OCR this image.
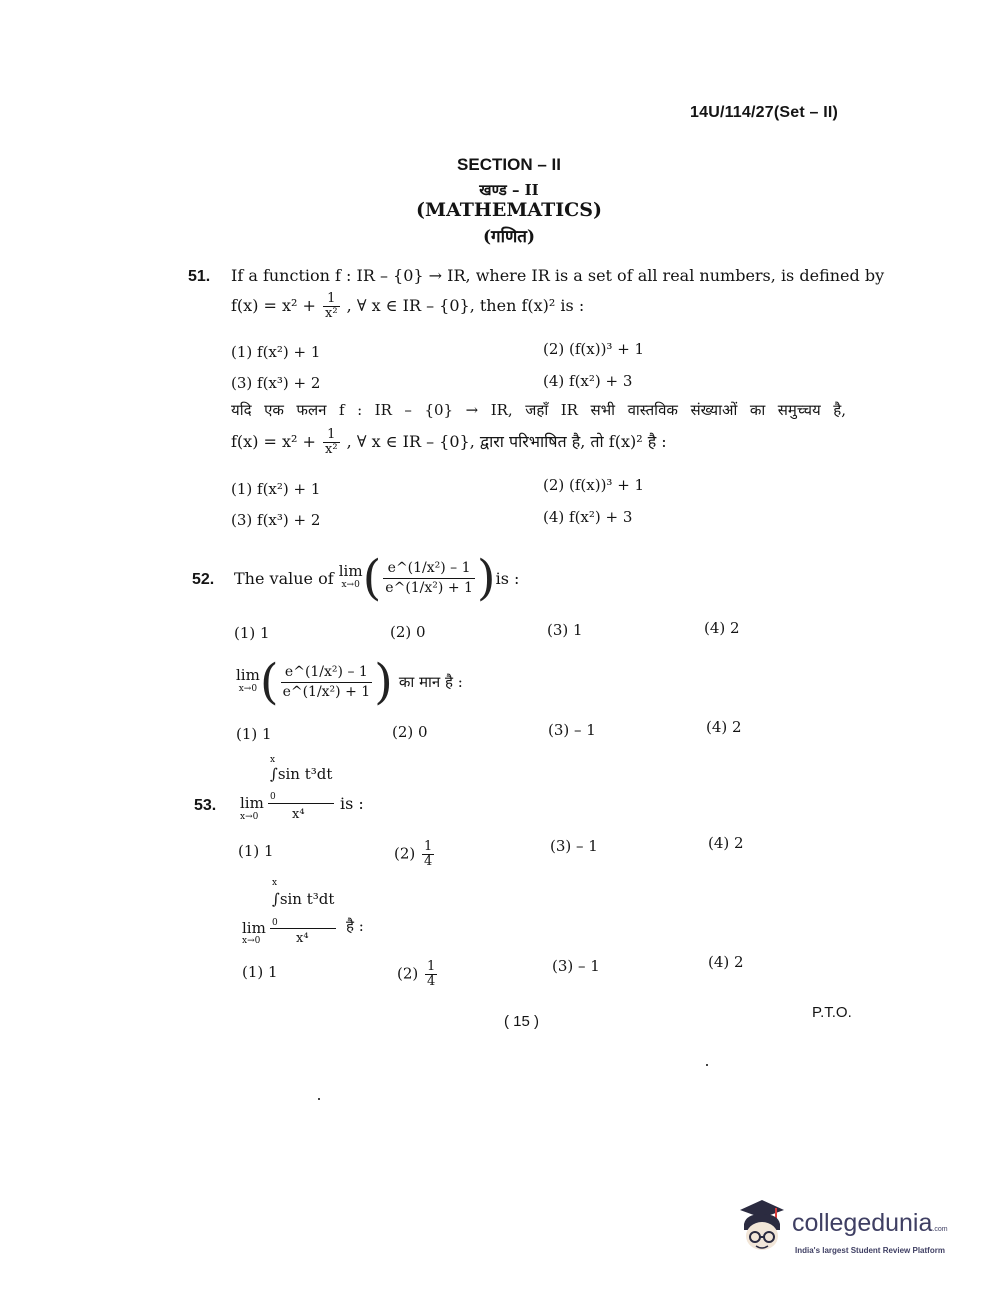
14U/114/27(Set – II)
SECTION – II
खण्ड – II
(MATHEMATICS)
(गणित)
51. If a function f : IR – {0} → IR, where IR is a set of all real numbers, is defined by
$f(x) = x^2 + \frac{1}{\text{x²}}$ , ∀ x ∈ IR – {0}, then f(x)² is :
(1) f(x²) + 1	(2) (f(x))³ + 1
(3) f(x³) + 2	(4) f(x²) + 3
यदि एक फलन f : IR – {0} → IR, जहाँ IR सभी वास्तविक संख्याओं का समुच्चय है,
$f(x) = x^2 + \frac{1}{\text{x²}}$ , ∀ x ∈ IR – {0}, द्वारा परिभाषित है, तो f(x)² है :
(1) f(x²) + 1	(2) (f(x))³ + 1
(3) f(x³) + 2	(4) f(x²) + 3
52. The value of
lim
x→0 ( $\frac{\text{e\textasciicircum{}(1/x²) – 1}}{\text{e\textasciicircum{}(1/x²) + 1}}$ ) is :
(1) 1	(2) 0	(3) 1	(4) 2
lim
x→0 ( $\frac{\text{e\textasciicircum{}(1/x²) – 1}}{\text{e\textasciicircum{}(1/x²) + 1}}$ ) का मान है :
(1) 1	(2) 0	(3) – 1	(4) 2
53.
x
∫sin t³dt
lim
x→0
0
x⁴
is :
(1) 1	$(2) \frac{1}{4}$	(3) – 1	(4) 2
x
∫sin t³dt
lim
x→0
0
x⁴
है :
(1) 1	$(2) \frac{1}{4}$	(3) – 1	(4) 2
( 15 )
P.T.O.
collegedunia.com
India's largest Student Review Platform
